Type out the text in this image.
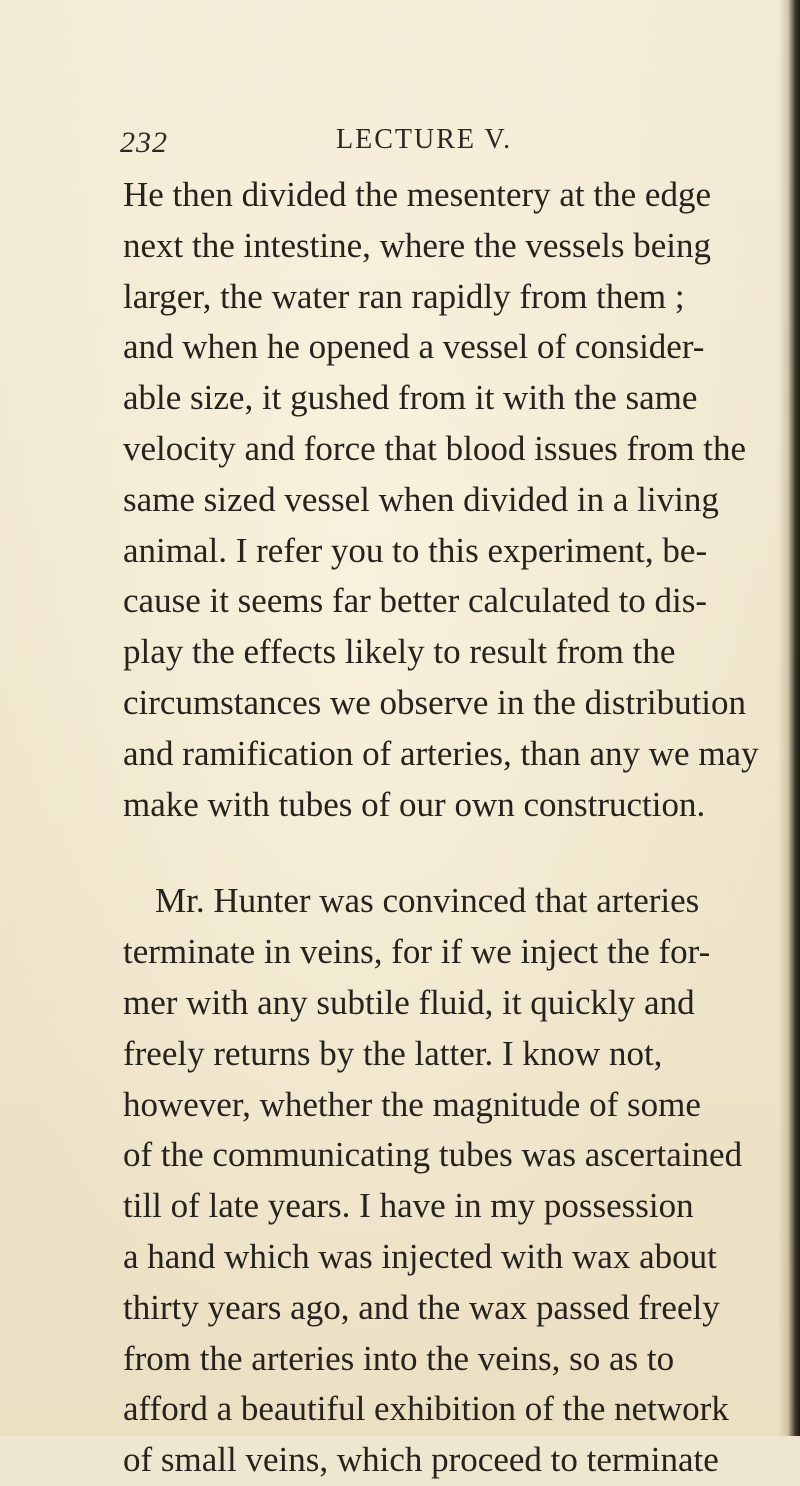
232	LECTURE V.

He then divided the mesentery at the edge
next the intestine, where the vessels being
larger, the water ran rapidly from them ;
and when he opened a vessel of consider-
able size, it gushed from it with the same
velocity and force that blood issues from the
same sized vessel when divided in a living
animal. I refer you to this experiment, be-
cause it seems far better calculated to dis-
play the effects likely to result from the
circumstances we observe in the distribution
and ramification of arteries, than any we may
make with tubes of our own construction.

Mr. Hunter was convinced that arteries
terminate in veins, for if we inject the for-
mer with any subtile fluid, it quickly and
freely returns by the latter. I know not,
however, whether the magnitude of some
of the communicating tubes was ascertained
till of late years. I have in my possession
a hand which was injected with wax about
thirty years ago, and the wax passed freely
from the arteries into the veins, so as to
afford a beautiful exhibition of the network
of small veins, which proceed to terminate
